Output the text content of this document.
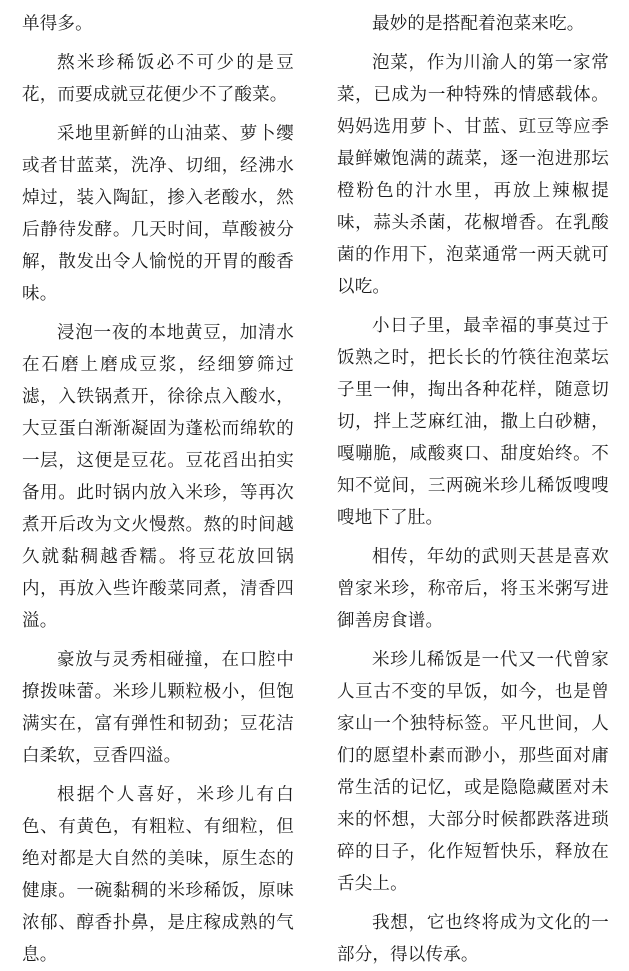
单得多。

熬米珍稀饭必不可少的是豆花，而要成就豆花便少不了酸菜。

采地里新鲜的山油菜、萝卜缨或者甘蓝菜，洗净、切细，经沸水焯过，装入陶缸，掺入老酸水，然后静待发酵。几天时间，草酸被分解，散发出令人愉悦的开胃的酸香味。

浸泡一夜的本地黄豆，加清水在石磨上磨成豆浆，经细箩筛过滤，入铁锅煮开，徐徐点入酸水，大豆蛋白渐渐凝固为蓬松而绵软的一层，这便是豆花。豆花舀出拍实备用。此时锅内放入米珍，等再次煮开后改为文火慢熬。熬的时间越久就黏稠越香糯。将豆花放回锅内，再放入些许酸菜同煮，清香四溢。

豪放与灵秀相碰撞，在口腔中撩拨味蕾。米珍儿颗粒极小，但饱满实在，富有弹性和韧劲；豆花洁白柔软，豆香四溢。

根据个人喜好，米珍儿有白色、有黄色，有粗粒、有细粒，但绝对都是大自然的美味，原生态的健康。一碗黏稠的米珍稀饭，原味浓郁、醇香扑鼻，是庄稼成熟的气息。

最妙的是搭配着泡菜来吃。

泡菜，作为川渝人的第一家常菜，已成为一种特殊的情感载体。妈妈选用萝卜、甘蓝、豇豆等应季最鲜嫩饱满的蔬菜，逐一泡进那坛橙粉色的汁水里，再放上辣椒提味，蒜头杀菌，花椒增香。在乳酸菌的作用下，泡菜通常一两天就可以吃。

小日子里，最幸福的事莫过于饭熟之时，把长长的竹筷往泡菜坛子里一伸，掏出各种花样，随意切切，拌上芝麻红油，撒上白砂糖，嘎嘣脆，咸酸爽口、甜度始终。不知不觉间，三两碗米珍儿稀饭嗖嗖嗖地下了肚。

相传，年幼的武则天甚是喜欢曾家米珍，称帝后，将玉米粥写进御善房食谱。

米珍儿稀饭是一代又一代曾家人亘古不变的早饭，如今，也是曾家山一个独特标签。平凡世间，人们的愿望朴素而渺小，那些面对庸常生活的记忆，或是隐隐藏匿对未来的怀想，大部分时候都跌落进琐碎的日子，化作短暂快乐，释放在舌尖上。

我想，它也终将成为文化的一部分，得以传承。
